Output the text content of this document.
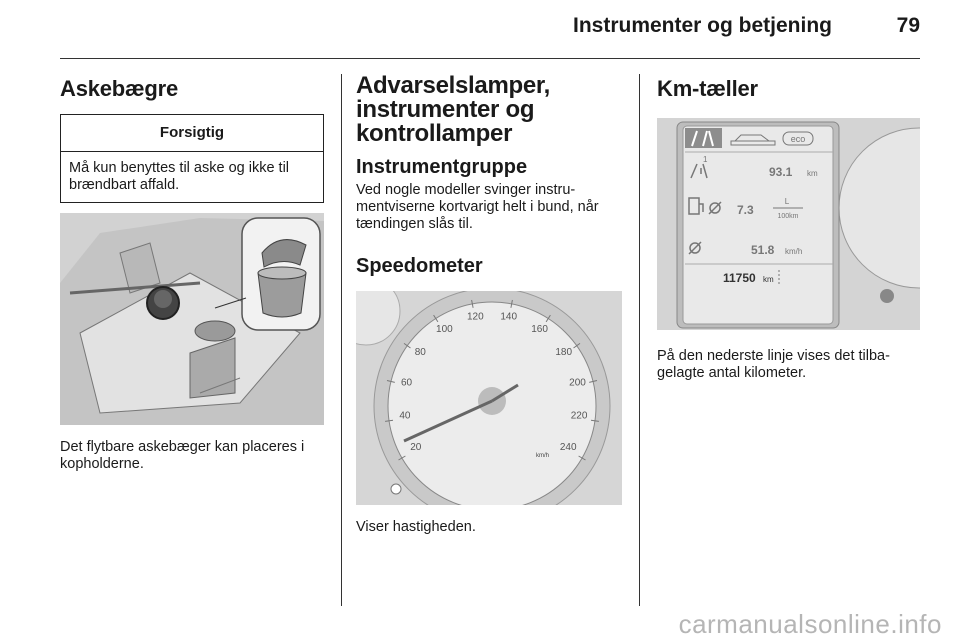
Instrumenter og betjening	79
Askebægre
Forsigtig
Må kun benyttes til aske og ikke til brændbart affald.

Det flytbare askebæger kan placeres i kopholderne.

Advarselslamper,
instrumenter og
kontrollamper
Instrumentgruppe

Ved nogle modeller svinger instru-mentviserne kortvarigt helt i bund, når tændingen slås til.

Speedometer
20
40
60
80
100
120 140
160
180
200
220
240
km/h

Viser hastigheden.

Km-tæller
eco
1
93.1 km
7.3
L
100km
51.8 km/h
11750 km

På den nederste linje vises det tilba-gelagte antal kilometer.

carmanualsonline.info
